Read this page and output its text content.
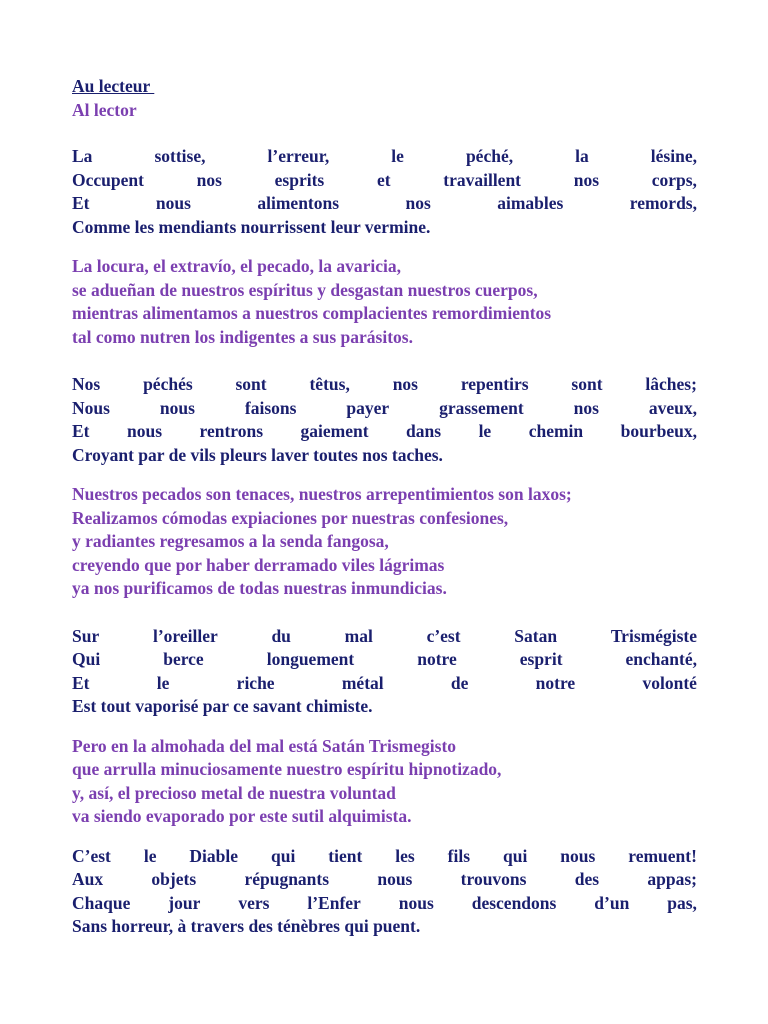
Au lecteur
Al lector
La	sottise,	l’erreur,	le	péché,	la	lésine,
Occupent	nos	esprits	et	travaillent	nos	corps,
Et	nous	alimentons	nos	aimables	remords,
Comme les mendiants nourrissent leur vermine.
La locura, el extravío, el pecado, la avaricia,
se adueñan de nuestros espíritus y desgastan nuestros cuerpos,
mientras alimentamos a nuestros complacientes remordimientos
tal como nutren los indigentes a sus parásitos.
Nos péchés sont têtus, nos repentirs sont lâches;
Nous	nous	faisons	payer	grassement	nos	aveux,
Et nous rentrons gaiement dans le chemin bourbeux,
Croyant par de vils pleurs laver toutes nos taches.
Nuestros pecados son tenaces, nuestros arrepentimientos son laxos;
Realizamos cómodas expiaciones por nuestras confesiones,
y radiantes regresamos a la senda fangosa,
creyendo que por haber derramado viles lágrimas
ya nos purificamos de todas nuestras inmundicias.
Sur	l’oreiller	du	mal	c’est	Satan	Trismégiste
Qui	berce	longuement	notre	esprit	enchanté,
Et	le	riche	métal	de	notre	volonté
Est tout vaporisé par ce savant chimiste.
Pero en la almohada del mal está Satán Trismegisto
que arrulla minuciosamente nuestro espíritu hipnotizado,
y, así, el precioso metal de nuestra voluntad
va siendo evaporado por este sutil alquimista.
C’est le Diable qui tient les fils qui nous remuent!
Aux	objets	répugnants	nous	trouvons	des	appas;
Chaque jour vers l’Enfer nous descendons d’un pas,
Sans horreur, à travers des ténèbres qui puent.
